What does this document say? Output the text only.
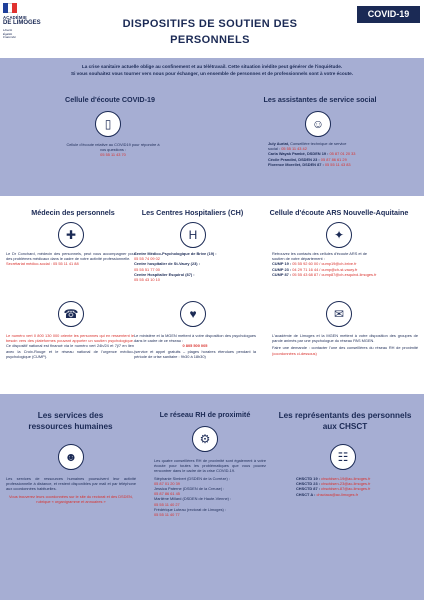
ACADÉMIE
DE LIMOGES
Liberté
Égalité
Fraternité
DISPOSITIFS DE SOUTIEN DES
PERSONNELS
COVID-19
La crise sanitaire actuelle oblige au confinement et au télétravail. Cette situation inédite peut générer de l'inquiétude.
Si vous souhaitez vous tourner vers nous pour échanger, un ensemble de personnes et de professionnels sont à votre écoute.
Cellule d'écoute COVID-19
▯
Cellule d'écoute relative au COVID19 pour répondre à
vos questions :
05 55 11 43 70
Les assistantes de service social
☺
July Auriat, Conseillère technique de service
social : 05 55 11 43 42
Carla Wayak Pambé, DSDEN 19 : 05 87 01 20 33
Cécile Prandini, DSDEN 23 : 05 87 86 61 29
Florence Morellet, DSDEN 87 : 05 55 11 43 83
Médecin des personnels
✚
Le Dr Conchard, médecin des personnels, peut vous accompagner pour des problèmes médicaux dans le cadre de votre activité professionnelle.
Secrétariat médico-social : 05 55 11 41 88
Les Centres Hospitaliers (CH)
H
Centre Médico-Psychologique de Brive (19) :
05 55 74 09 02
Centre hospitalier de St-Vaury (23) :
05 55 51 77 00
Centre Hospitalier Esquirol (87) :
05 55 43 10 10
Cellule d'écoute ARS Nouvelle-Aquitaine
✦
Retrouvez les contacts des cellules d'écoute ARS et de
soutien de votre département :
CUMP 19 : 05 55 92 60 00 / cump19@ch-brive.fr
CUMP 23 : 04 29 71 16 44 / cump@ch-st-vaury.fr
CUMP 87 : 05 55 43 68 87 / cump87@ch-esquirol-limoges.fr
☎
Le numéro vert 0 800 130 000 oriente les personnes qui en ressentent le besoin vers des plateformes pouvant apporter un soutien psychologique. Ce dispositif national est financé via le numéro vert 24h/24 et 7j/7 en lien avec la Croix-Rouge et le réseau national de l'urgence médico-psychologique (CUMP).
♥
Le ministère et la MGEN mettent à votre disposition des psychologues dans le cadre de ce réseau :
0 805 500 005
(service et appel gratuits – plages horaires étendues pendant la période de crise sanitaire : 9h30 à 18h30)
✉
L'académie de Limoges et la MGEN mettent à votre disposition des groupes de parole animés par une psychologue du réseau PAS MGEN.
Faire une demande : contacter l'une des conseillères du réseau RH de proximité (coordonnées ci-dessous)
Les services des
ressources humaines
☻
Les services de ressources humaines poursuivent leur activité professionnelle à distance, et restent disponibles par mail et par téléphone aux coordonnées habituelles.
Vous trouverez leurs coordonnées sur le site du rectorat et des DSDEN, rubrique « organigramme et annuaires »
Le réseau RH de proximité
⚙
Les quatre conseillères RH de proximité sont également à votre écoute pour toutes les problématiques que vous pouvez rencontrer dans le cadre de la crise COVID-19.
Stéphanie Simbert (DSDEN de la Corrèze) :
05 87 01 20 39
Jessica Paterne (DSDEN de la Creuse) :
05 87 86 61 45
Marilène Millard (DSDEN de Haute-Vienne) :
05 55 11 40 27
Frédérique Luteau (rectorat de Limoges) :
05 55 11 40 77
Les représentants des personnels
aux CHSCT
☷
CHSCTD 19 : chsctdsen-19@ac-limoges.fr
CHSCTD 23 : chsctdsen-23@ac-limoges.fr
CHSCTD 87 : chsctdsen-87@ac-limoges.fr
CHSCT A : chsctaca@ac-limoges.fr
